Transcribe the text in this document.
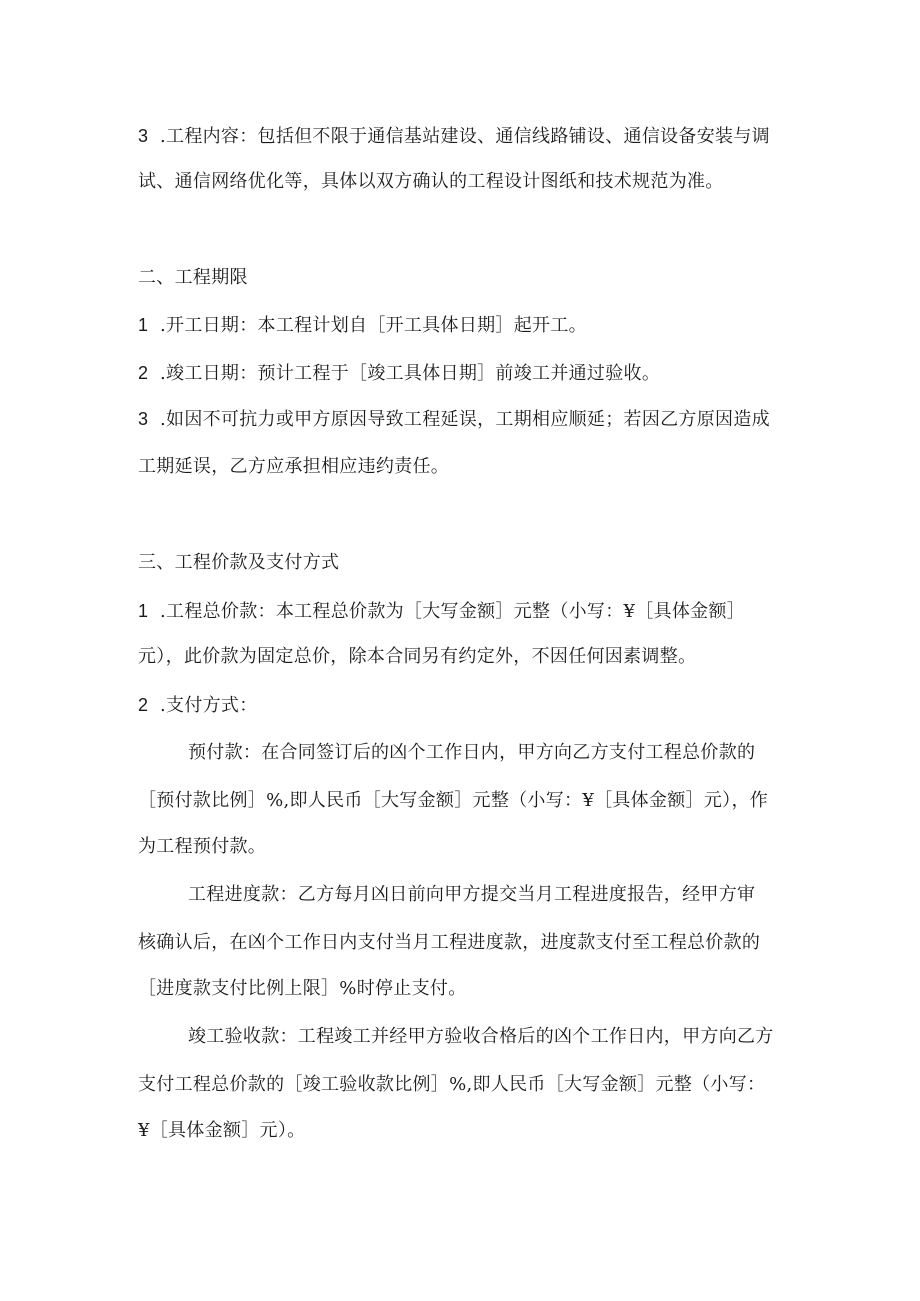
3 .工程内容：包括但不限于通信基站建设、通信线路铺设、通信设备安装与调
试、通信网络优化等，具体以双方确认的工程设计图纸和技术规范为准。
二、工程期限
1 .开工日期：本工程计划自［开工具体日期］起开工。
2 .竣工日期：预计工程于［竣工具体日期］前竣工并通过验收。
3 .如因不可抗力或甲方原因导致工程延误，工期相应顺延；若因乙方原因造成
工期延误，乙方应承担相应违约责任。
三、工程价款及支付方式
1 .工程总价款：本工程总价款为［大写金额］元整（小写：¥［具体金额］
元），此价款为固定总价，除本合同另有约定外，不因任何因素调整。
2 .支付方式：
预付款：在合同签订后的凶个工作日内，甲方向乙方支付工程总价款的
［预付款比例］%,即人民币［大写金额］元整（小写：¥［具体金额］元），作
为工程预付款。
工程进度款：乙方每月凶日前向甲方提交当月工程进度报告，经甲方审
核确认后，在凶个工作日内支付当月工程进度款，进度款支付至工程总价款的
［进度款支付比例上限］%时停止支付。
竣工验收款：工程竣工并经甲方验收合格后的凶个工作日内，甲方向乙方
支付工程总价款的［竣工验收款比例］%,即人民币［大写金额］元整（小写：
¥［具体金额］元）。
